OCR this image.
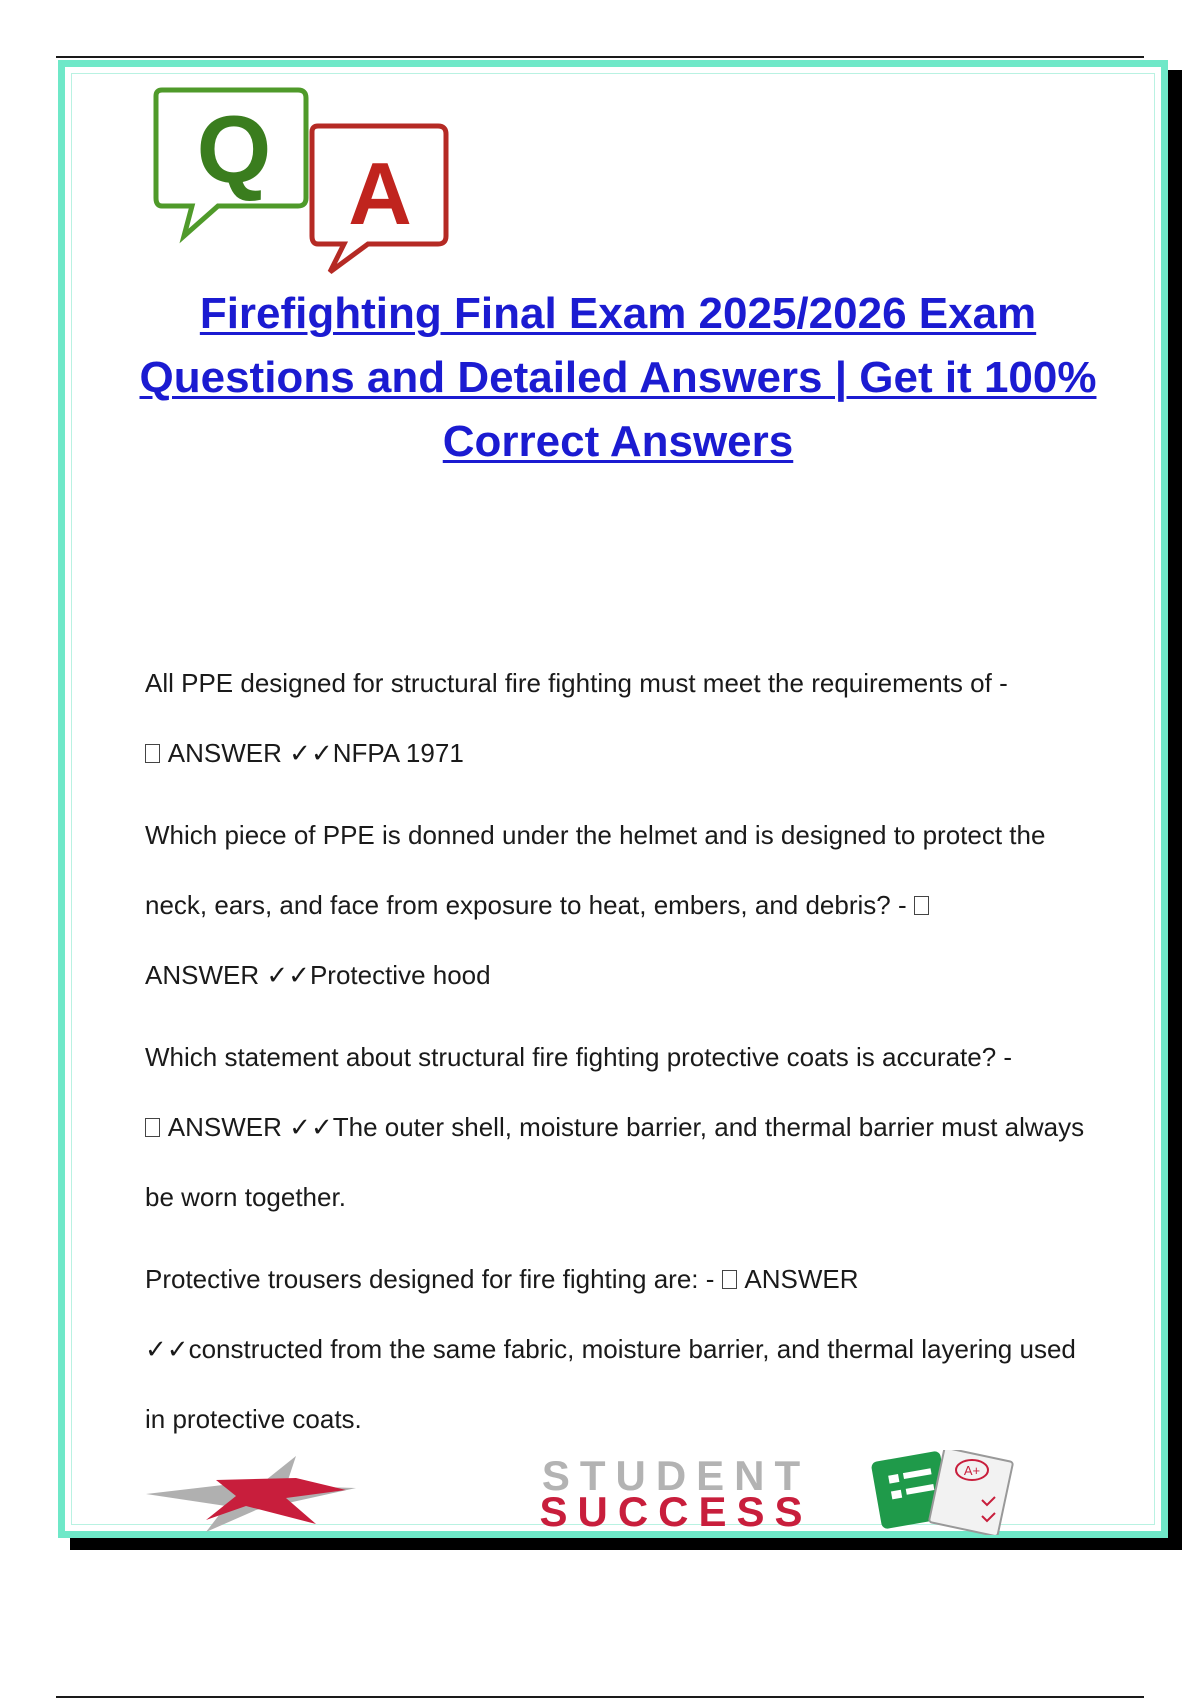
Q A
Firefighting Final Exam 2025/2026 Exam Questions and Detailed Answers | Get it 100% Correct Answers

All PPE designed for structural fire fighting must meet the requirements of -
ANSWER ✓✓NFPA 1971

Which piece of PPE is donned under the helmet and is designed to protect the neck, ears, and face from exposure to heat, embers, and debris? -
ANSWER ✓✓Protective hood

Which statement about structural fire fighting protective coats is accurate? -
ANSWER ✓✓The outer shell, moisture barrier, and thermal barrier must always be worn together.

Protective trousers designed for fire fighting are: - ANSWER
✓✓constructed from the same fabric, moisture barrier, and thermal layering used in protective coats.

STUDENT
SUCCESS
A+
